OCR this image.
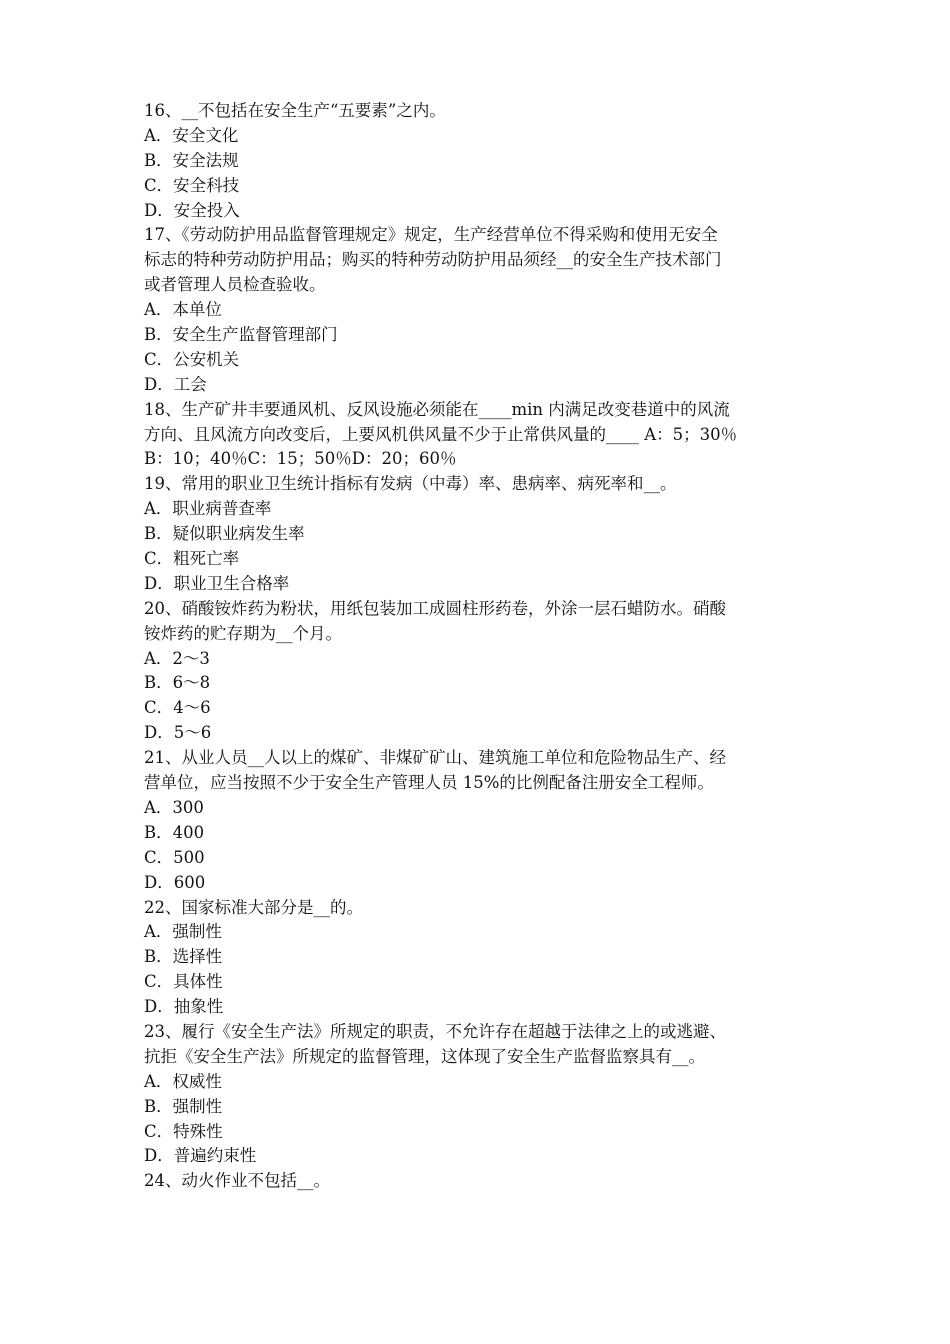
16、__不包括在安全生产“五要素”之内。
A．安全文化
B．安全法规
C．安全科技
D．安全投入
17、《劳动防护用品监督管理规定》规定，生产经营单位不得采购和使用无安全
标志的特种劳动防护用品；购买的特种劳动防护用品须经__的安全生产技术部门
或者管理人员检查验收。
A．本单位
B．安全生产监督管理部门
C．公安机关
D．工会
18、生产矿井丰要通风机、反风设施必须能在____min 内满足改变巷道中的风流
方向、且风流方向改变后，上要风机供风量不少于止常供风量的____ A：5；30％
B：10；40％C：15；50％D：20；60％
19、常用的职业卫生统计指标有发病（中毒）率、患病率、病死率和__。
A．职业病普查率
B．疑似职业病发生率
C．粗死亡率
D．职业卫生合格率
20、硝酸铵炸药为粉状，用纸包装加工成圆柱形药卷，外涂一层石蜡防水。硝酸
铵炸药的贮存期为__个月。
A．2～3
B．6～8
C．4～6
D．5～6
21、从业人员__人以上的煤矿、非煤矿矿山、建筑施工单位和危险物品生产、经
营单位，应当按照不少于安全生产管理人员 15%的比例配备注册安全工程师。
A．300
B．400
C．500
D．600
22、国家标准大部分是__的。
A．强制性
B．选择性
C．具体性
D．抽象性
23、履行《安全生产法》所规定的职责，不允许存在超越于法律之上的或逃避、
抗拒《安全生产法》所规定的监督管理，这体现了安全生产监督监察具有__。
A．权威性
B．强制性
C．特殊性
D．普遍约束性
24、动火作业不包括__。
